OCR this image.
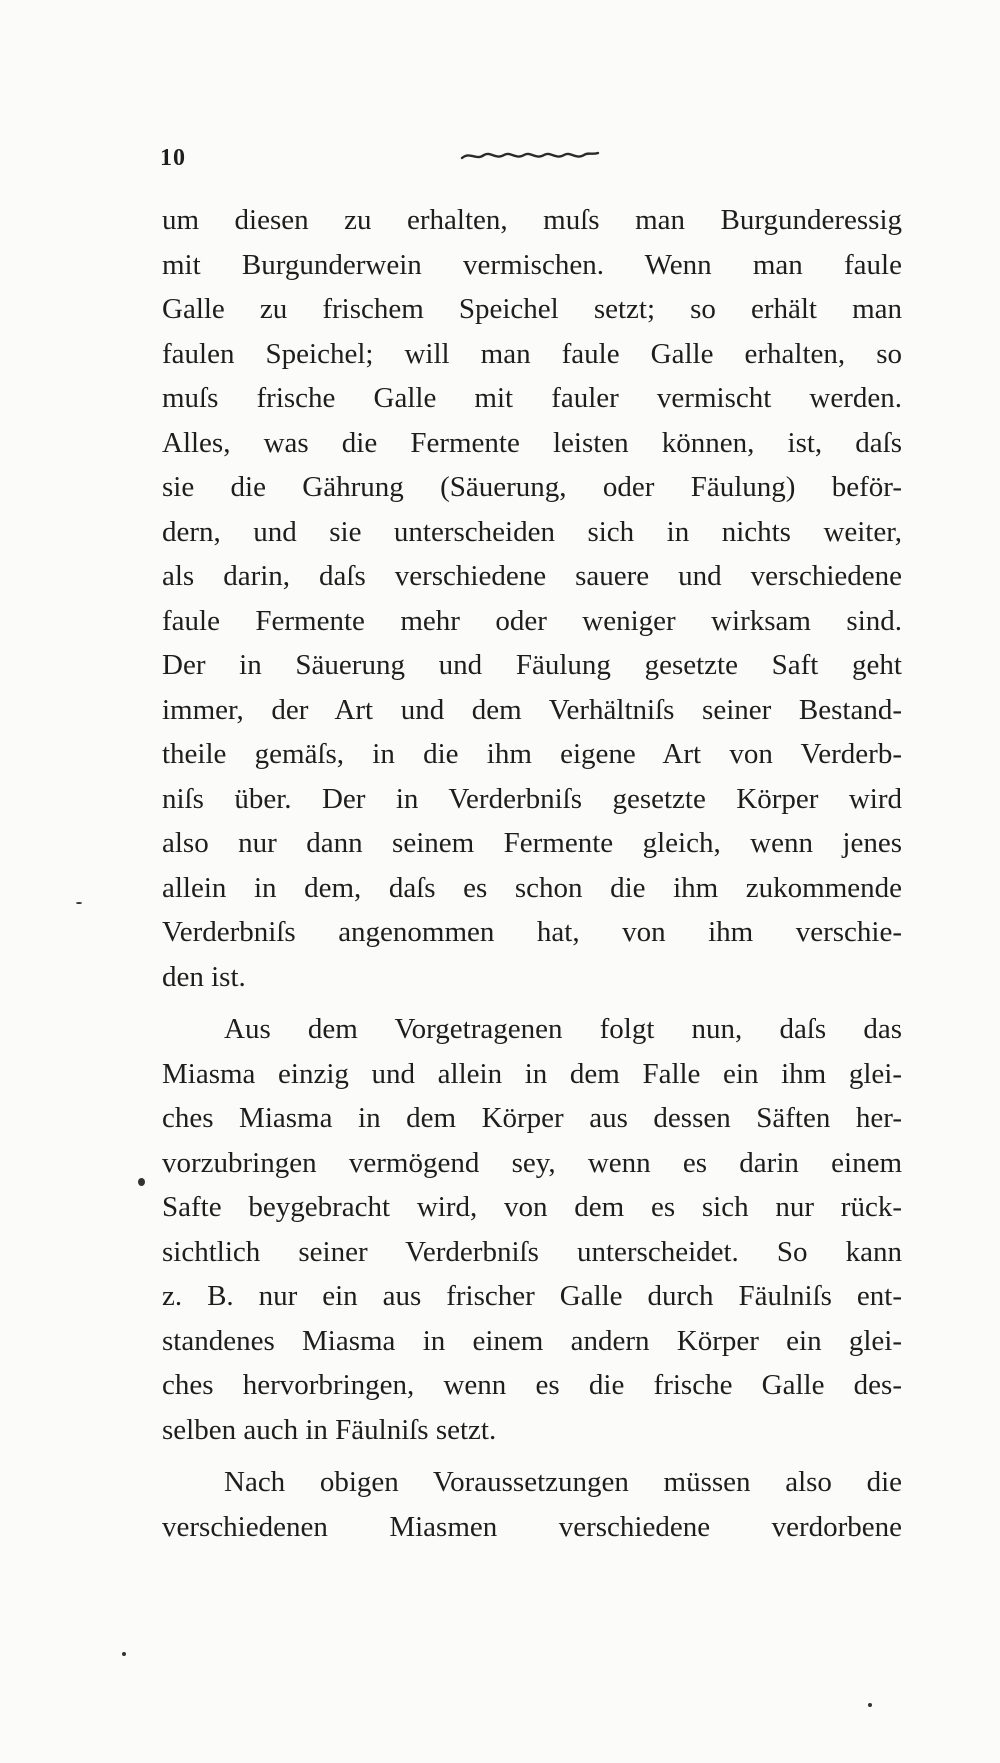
10
um diesen zu erhalten, muſs man Burgunderessig
mit Burgunderwein vermischen. Wenn man faule
Galle zu frischem Speichel setzt; so erhält man
faulen Speichel; will man faule Galle erhalten, so
muſs frische Galle mit fauler vermischt werden.
Alles, was die Fermente leisten können, ist, daſs
sie die Gährung (Säuerung, oder Fäulung) beför-
dern, und sie unterscheiden sich in nichts weiter,
als darin, daſs verschiedene sauere und verschiedene
faule Fermente mehr oder weniger wirksam sind.
Der in Säuerung und Fäulung gesetzte Saft geht
immer, der Art und dem Verhältniſs seiner Bestand-
theile gemäſs, in die ihm eigene Art von Verderb-
niſs über. Der in Verderbniſs gesetzte Körper wird
also nur dann seinem Fermente gleich, wenn jenes
allein in dem, daſs es schon die ihm zukommende
Verderbniſs angenommen hat, von ihm verschie-
den ist.
Aus dem Vorgetragenen folgt nun, daſs das
Miasma einzig und allein in dem Falle ein ihm glei-
ches Miasma in dem Körper aus dessen Säften her-
vorzubringen vermögend sey, wenn es darin einem
Safte beygebracht wird, von dem es sich nur rück-
sichtlich seiner Verderbniſs unterscheidet. So kann
z. B. nur ein aus frischer Galle durch Fäulniſs ent-
standenes Miasma in einem andern Körper ein glei-
ches hervorbringen, wenn es die frische Galle des-
selben auch in Fäulniſs setzt.
Nach obigen Voraussetzungen müssen also die
verschiedenen Miasmen verschiedene verdorbene
